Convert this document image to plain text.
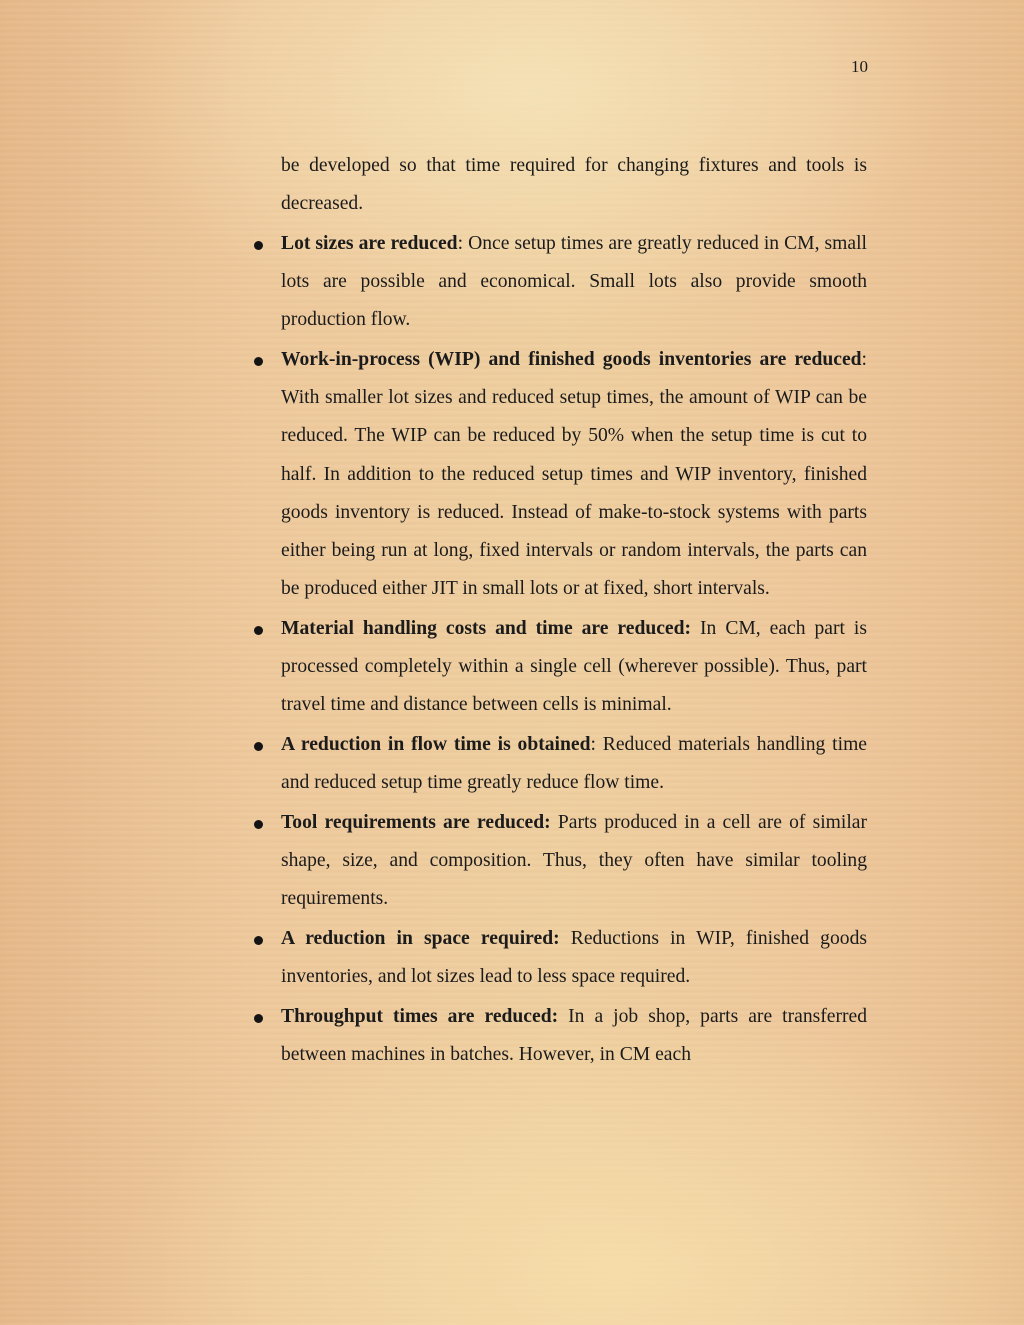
10

be developed so that time required for changing fixtures and tools is decreased.

Lot sizes are reduced: Once setup times are greatly reduced in CM, small lots are possible and economical. Small lots also provide smooth production flow.

Work-in-process (WIP) and finished goods inventories are reduced: With smaller lot sizes and reduced setup times, the amount of WIP can be reduced. The WIP can be reduced by 50% when the setup time is cut to half. In addition to the reduced setup times and WIP inventory, finished goods inventory is reduced. Instead of make-to-stock systems with parts either being run at long, fixed intervals or random intervals, the parts can be produced either JIT in small lots or at fixed, short intervals.

Material handling costs and time are reduced: In CM, each part is processed completely within a single cell (wherever possible). Thus, part travel time and distance between cells is minimal.

A reduction in flow time is obtained: Reduced materials handling time and reduced setup time greatly reduce flow time.

Tool requirements are reduced: Parts produced in a cell are of similar shape, size, and composition. Thus, they often have similar tooling requirements.

A reduction in space required: Reductions in WIP, finished goods inventories, and lot sizes lead to less space required.

Throughput times are reduced: In a job shop, parts are transferred between machines in batches. However, in CM each
